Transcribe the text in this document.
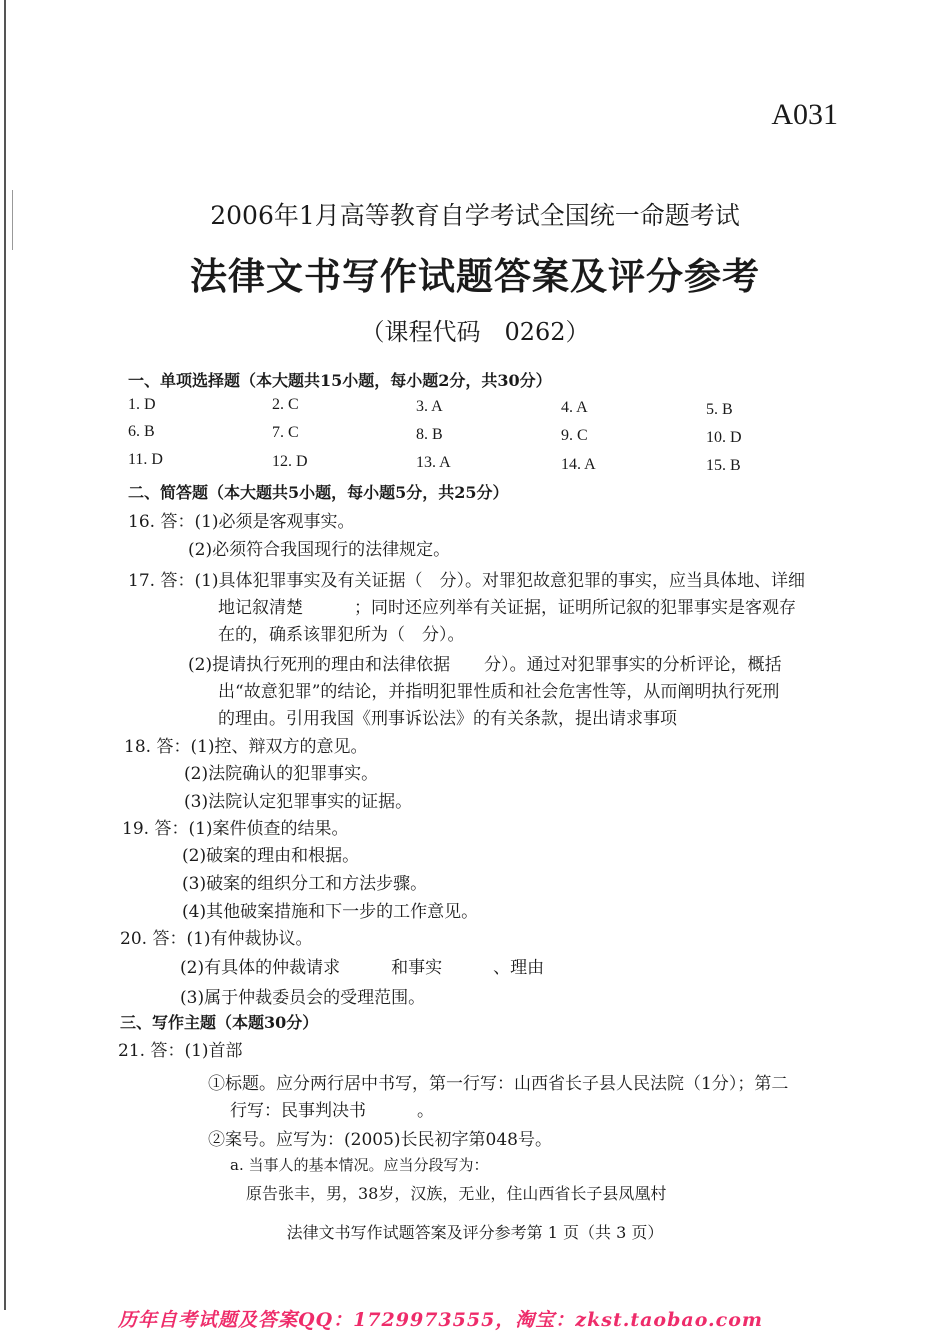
A031
2006年1月高等教育自学考试全国统一命题考试
法律文书写作试题答案及评分参考
（课程代码　0262）
一、单项选择题（本大题共15小题，每小题2分，共30分）
1. D	2. C	3. A	4. A	5. B
6. B	7. C	8. B	9. C	10. D
11. D	12. D	13. A	14. A	15. B
二、简答题（本大题共5小题，每小题5分，共25分）
16. 答：(1)必须是客观事实。
(2)必须符合我国现行的法律规定。
17. 答：(1)具体犯罪事实及有关证据（　分）。对罪犯故意犯罪的事实，应当具体地、详细
地记叙清楚　　　；同时还应列举有关证据，证明所记叙的犯罪事实是客观存
在的，确系该罪犯所为（　分）。
(2)提请执行死刑的理由和法律依据　　分）。通过对犯罪事实的分析评论，概括
出“故意犯罪”的结论，并指明犯罪性质和社会危害性等，从而阐明执行死刑
的理由。引用我国《刑事诉讼法》的有关条款，提出请求事项
18. 答：(1)控、辩双方的意见。
(2)法院确认的犯罪事实。
(3)法院认定犯罪事实的证据。
19. 答：(1)案件侦查的结果。
(2)破案的理由和根据。
(3)破案的组织分工和方法步骤。
(4)其他破案措施和下一步的工作意见。
20. 答：(1)有仲裁协议。
(2)有具体的仲裁请求　　　和事实　　　、理由
(3)属于仲裁委员会的受理范围。
三、写作主题（本题30分）
21. 答：(1)首部
①标题。应分两行居中书写，第一行写：山西省长子县人民法院（1分）；第二
行写：民事判决书　　　。
②案号。应写为：(2005)长民初字第048号。
a. 当事人的基本情况。应当分段写为：
原告张丰，男，38岁，汉族，无业，住山西省长子县凤凰村
法律文书写作试题答案及评分参考第 1 页（共 3 页）
历年自考试题及答案QQ：1729973555，淘宝：zkst.taobao.com
